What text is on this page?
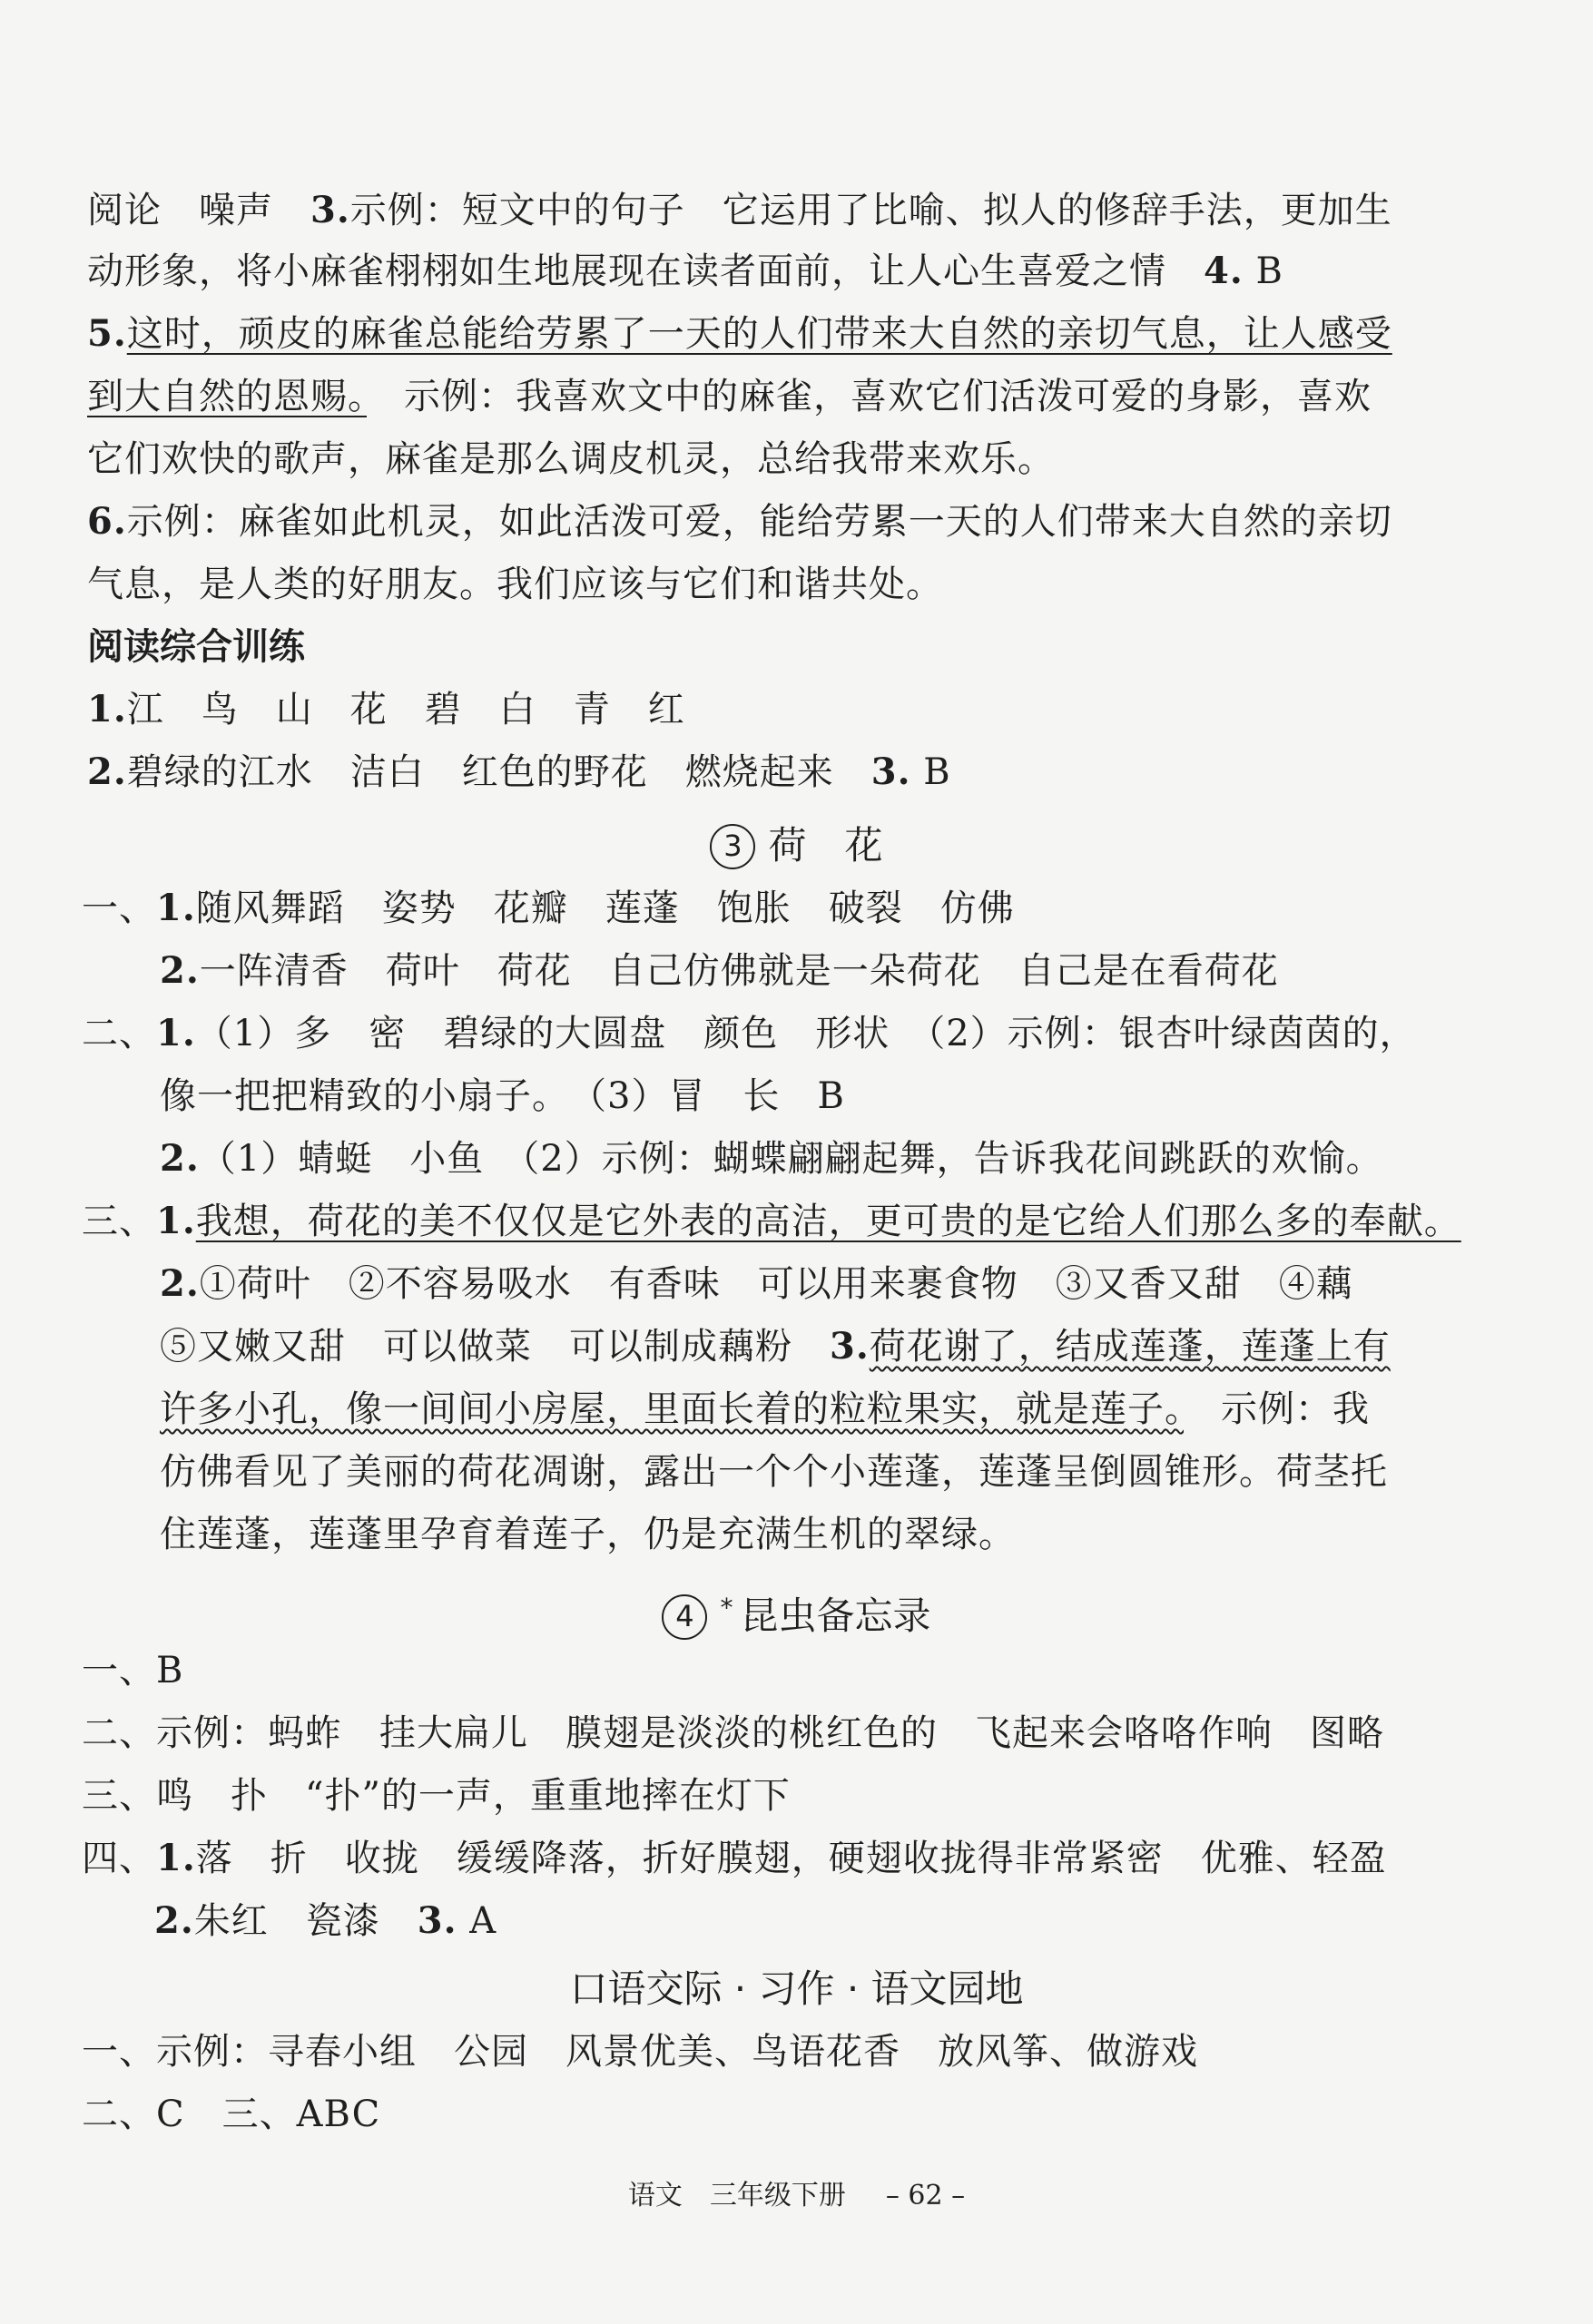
阅论　噪声　3.示例：短文中的句子　它运用了比喻、拟人的修辞手法，更加生
动形象，将小麻雀栩栩如生地展现在读者面前，让人心生喜爱之情　4. B
5.这时，顽皮的麻雀总能给劳累了一天的人们带来大自然的亲切气息，让人感受
到大自然的恩赐。　示例：我喜欢文中的麻雀，喜欢它们活泼可爱的身影，喜欢
它们欢快的歌声，麻雀是那么调皮机灵，总给我带来欢乐。
6.示例：麻雀如此机灵，如此活泼可爱，能给劳累一天的人们带来大自然的亲切
气息，是人类的好朋友。我们应该与它们和谐共处。
阅读综合训练
1.江　鸟　山　花　碧　白　青　红
2.碧绿的江水　洁白　红色的野花　燃烧起来　3. B
3 荷　花
一、1.随风舞蹈　姿势　花瓣　莲蓬　饱胀　破裂　仿佛
2.一阵清香　荷叶　荷花　自己仿佛就是一朵荷花　自己是在看荷花
二、1.（1）多　密　碧绿的大圆盘　颜色　形状　（2）示例：银杏叶绿茵茵的，
像一把把精致的小扇子。　（3）冒　长　B
2.（1）蜻蜓　小鱼　（2）示例：蝴蝶翩翩起舞，告诉我花间跳跃的欢愉。
三、1.我想，荷花的美不仅仅是它外表的高洁，更可贵的是它给人们那么多的奉献。
2.①荷叶　②不容易吸水　有香味　可以用来裹食物　③又香又甜　④藕
⑤又嫩又甜　可以做菜　可以制成藕粉　3.荷花谢了，结成莲蓬，莲蓬上有
许多小孔，像一间间小房屋，里面长着的粒粒果实，就是莲子。　示例：我
仿佛看见了美丽的荷花凋谢，露出一个个小莲蓬，莲蓬呈倒圆锥形。荷茎托
住莲蓬，莲蓬里孕育着莲子，仍是充满生机的翠绿。
4 * 昆虫备忘录
一、B
二、示例：蚂蚱　挂大扁儿　膜翅是淡淡的桃红色的　飞起来会咯咯作响　图略
三、鸣　扑　“扑”的一声，重重地摔在灯下
四、1.落　折　收拢　缓缓降落，折好膜翅，硬翅收拢得非常紧密　优雅、轻盈
2.朱红　瓷漆　3. A
口语交际 · 习作 · 语文园地
一、示例：寻春小组　公园　风景优美、鸟语花香　放风筝、做游戏
二、C　三、ABC
语文　三年级下册 – 62 –
